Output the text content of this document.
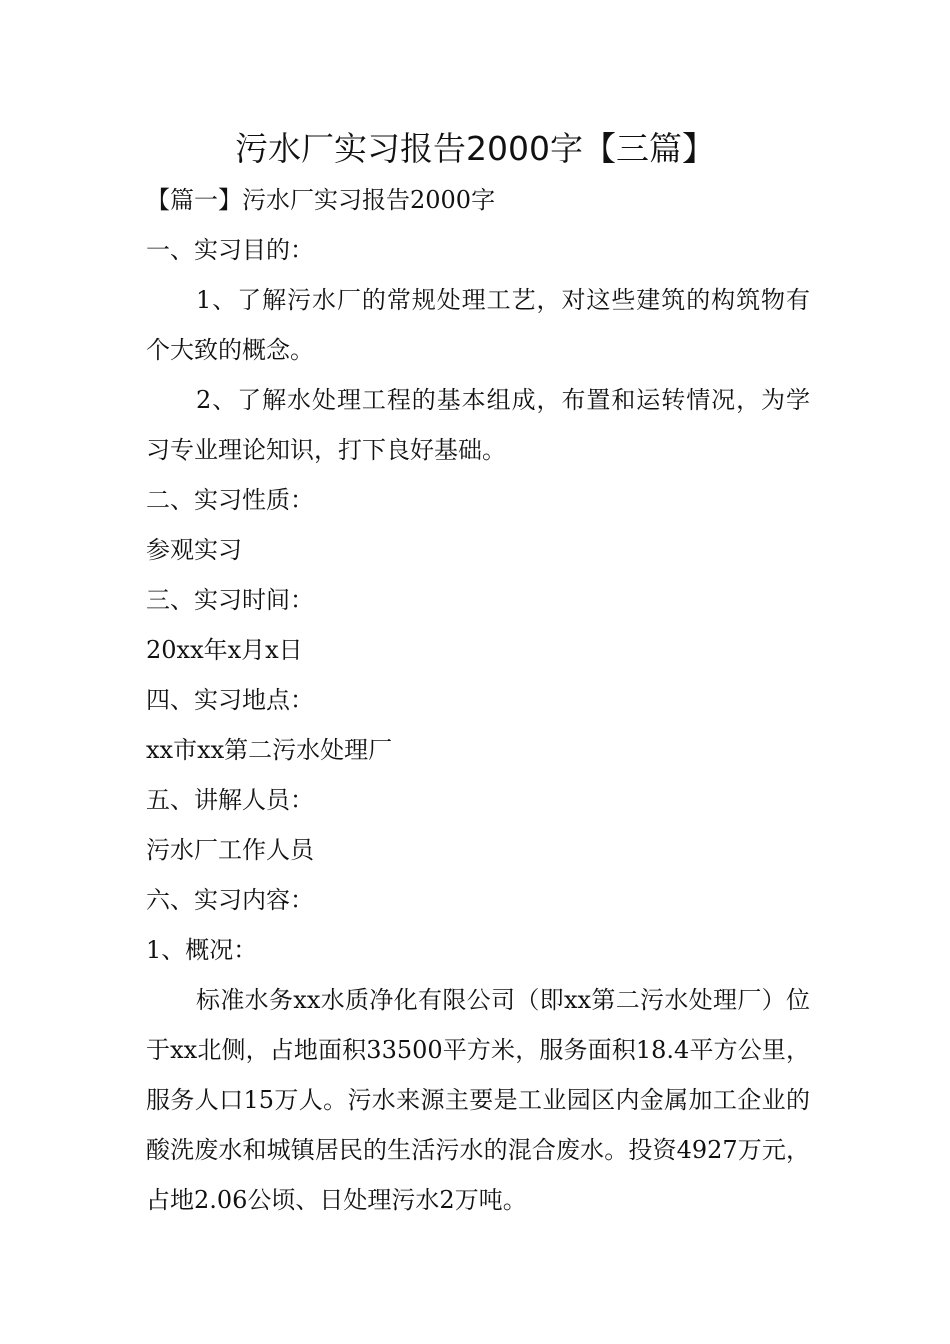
污水厂实习报告2000字【三篇】

【篇一】污水厂实习报告2000字

一、实习目的：

1、了解污水厂的常规处理工艺，对这些建筑的构筑物有个大致的概念。

2、了解水处理工程的基本组成，布置和运转情况，为学习专业理论知识，打下良好基础。

二、实习性质：

参观实习

三、实习时间：

20xx年x月x日

四、实习地点：

xx市xx第二污水处理厂

五、讲解人员：

污水厂工作人员

六、实习内容：

1、概况：

标准水务xx水质净化有限公司（即xx第二污水处理厂）位于xx北侧，占地面积33500平方米，服务面积18.4平方公里，服务人口15万人。污水来源主要是工业园区内金属加工企业的酸洗废水和城镇居民的生活污水的混合废水。投资4927万元，占地2.06公顷、日处理污水2万吨。
